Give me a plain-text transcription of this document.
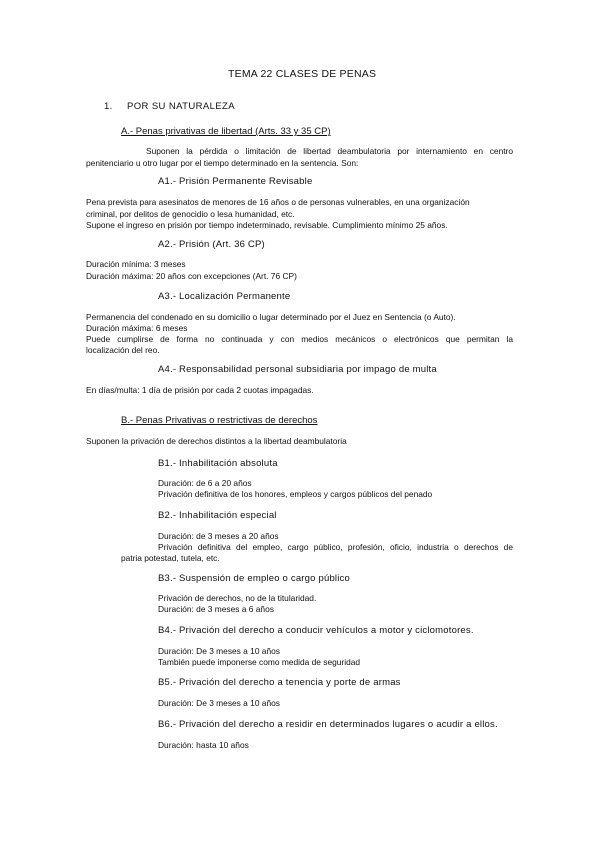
TEMA 22 CLASES DE PENAS
1. POR SU NATURALEZA
A.- Penas privativas de libertad (Arts. 33 y 35 CP)
Suponen la pérdida o limitación de libertad deambulatoria por internamiento en centro
penitenciario u otro lugar por el tiempo determinado en la sentencia. Son:
A1.- Prisión Permanente Revisable
Pena prevista para asesinatos de menores de 16 años o de personas vulnerables, en una organización
criminal, por delitos de genocidio o lesa humanidad, etc.
Supone el ingreso en prisión por tiempo indeterminado, revisable. Cumplimiento mínimo 25 años.
A2.- Prisión (Art. 36 CP)
Duración mínima: 3 meses
Duración máxima: 20 años con excepciones (Art. 76 CP)
A3.- Localización Permanente
Permanencia del condenado en su domicilio o lugar determinado por el Juez en Sentencia (o Auto).
Duración máxima: 6 meses
Puede cumplirse de forma no continuada y con medios mecánicos o electrónicos que permitan la
localización del reo.
A4.- Responsabilidad personal subsidiaria por impago de multa
En días/multa: 1 día de prisión por cada 2 cuotas impagadas.
B.- Penas Privativas o restrictivas de derechos
Suponen la privación de derechos distintos a la libertad deambulatoria
B1.- Inhabilitación absoluta
Duración: de 6 a 20 años
Privación definitiva de los honores, empleos y cargos públicos del penado
B2.- Inhabilitación especial
Duración: de 3 meses a 20 años
Privación definitiva del empleo, cargo público, profesión, oficio, industria o derechos de
patria potestad, tutela, etc.
B3.- Suspensión de empleo o cargo público
Privación de derechos, no de la titularidad.
Duración: de 3 meses a 6 años
B4.- Privación del derecho a conducir vehículos a motor y ciclomotores.
Duración: De 3 meses a 10 años
También puede imponerse como medida de seguridad
B5.- Privación del derecho a tenencia y porte de armas
Duración: De 3 meses a 10 años
B6.- Privación del derecho a residir en determinados lugares o acudir a ellos.
Duración: hasta 10 años
